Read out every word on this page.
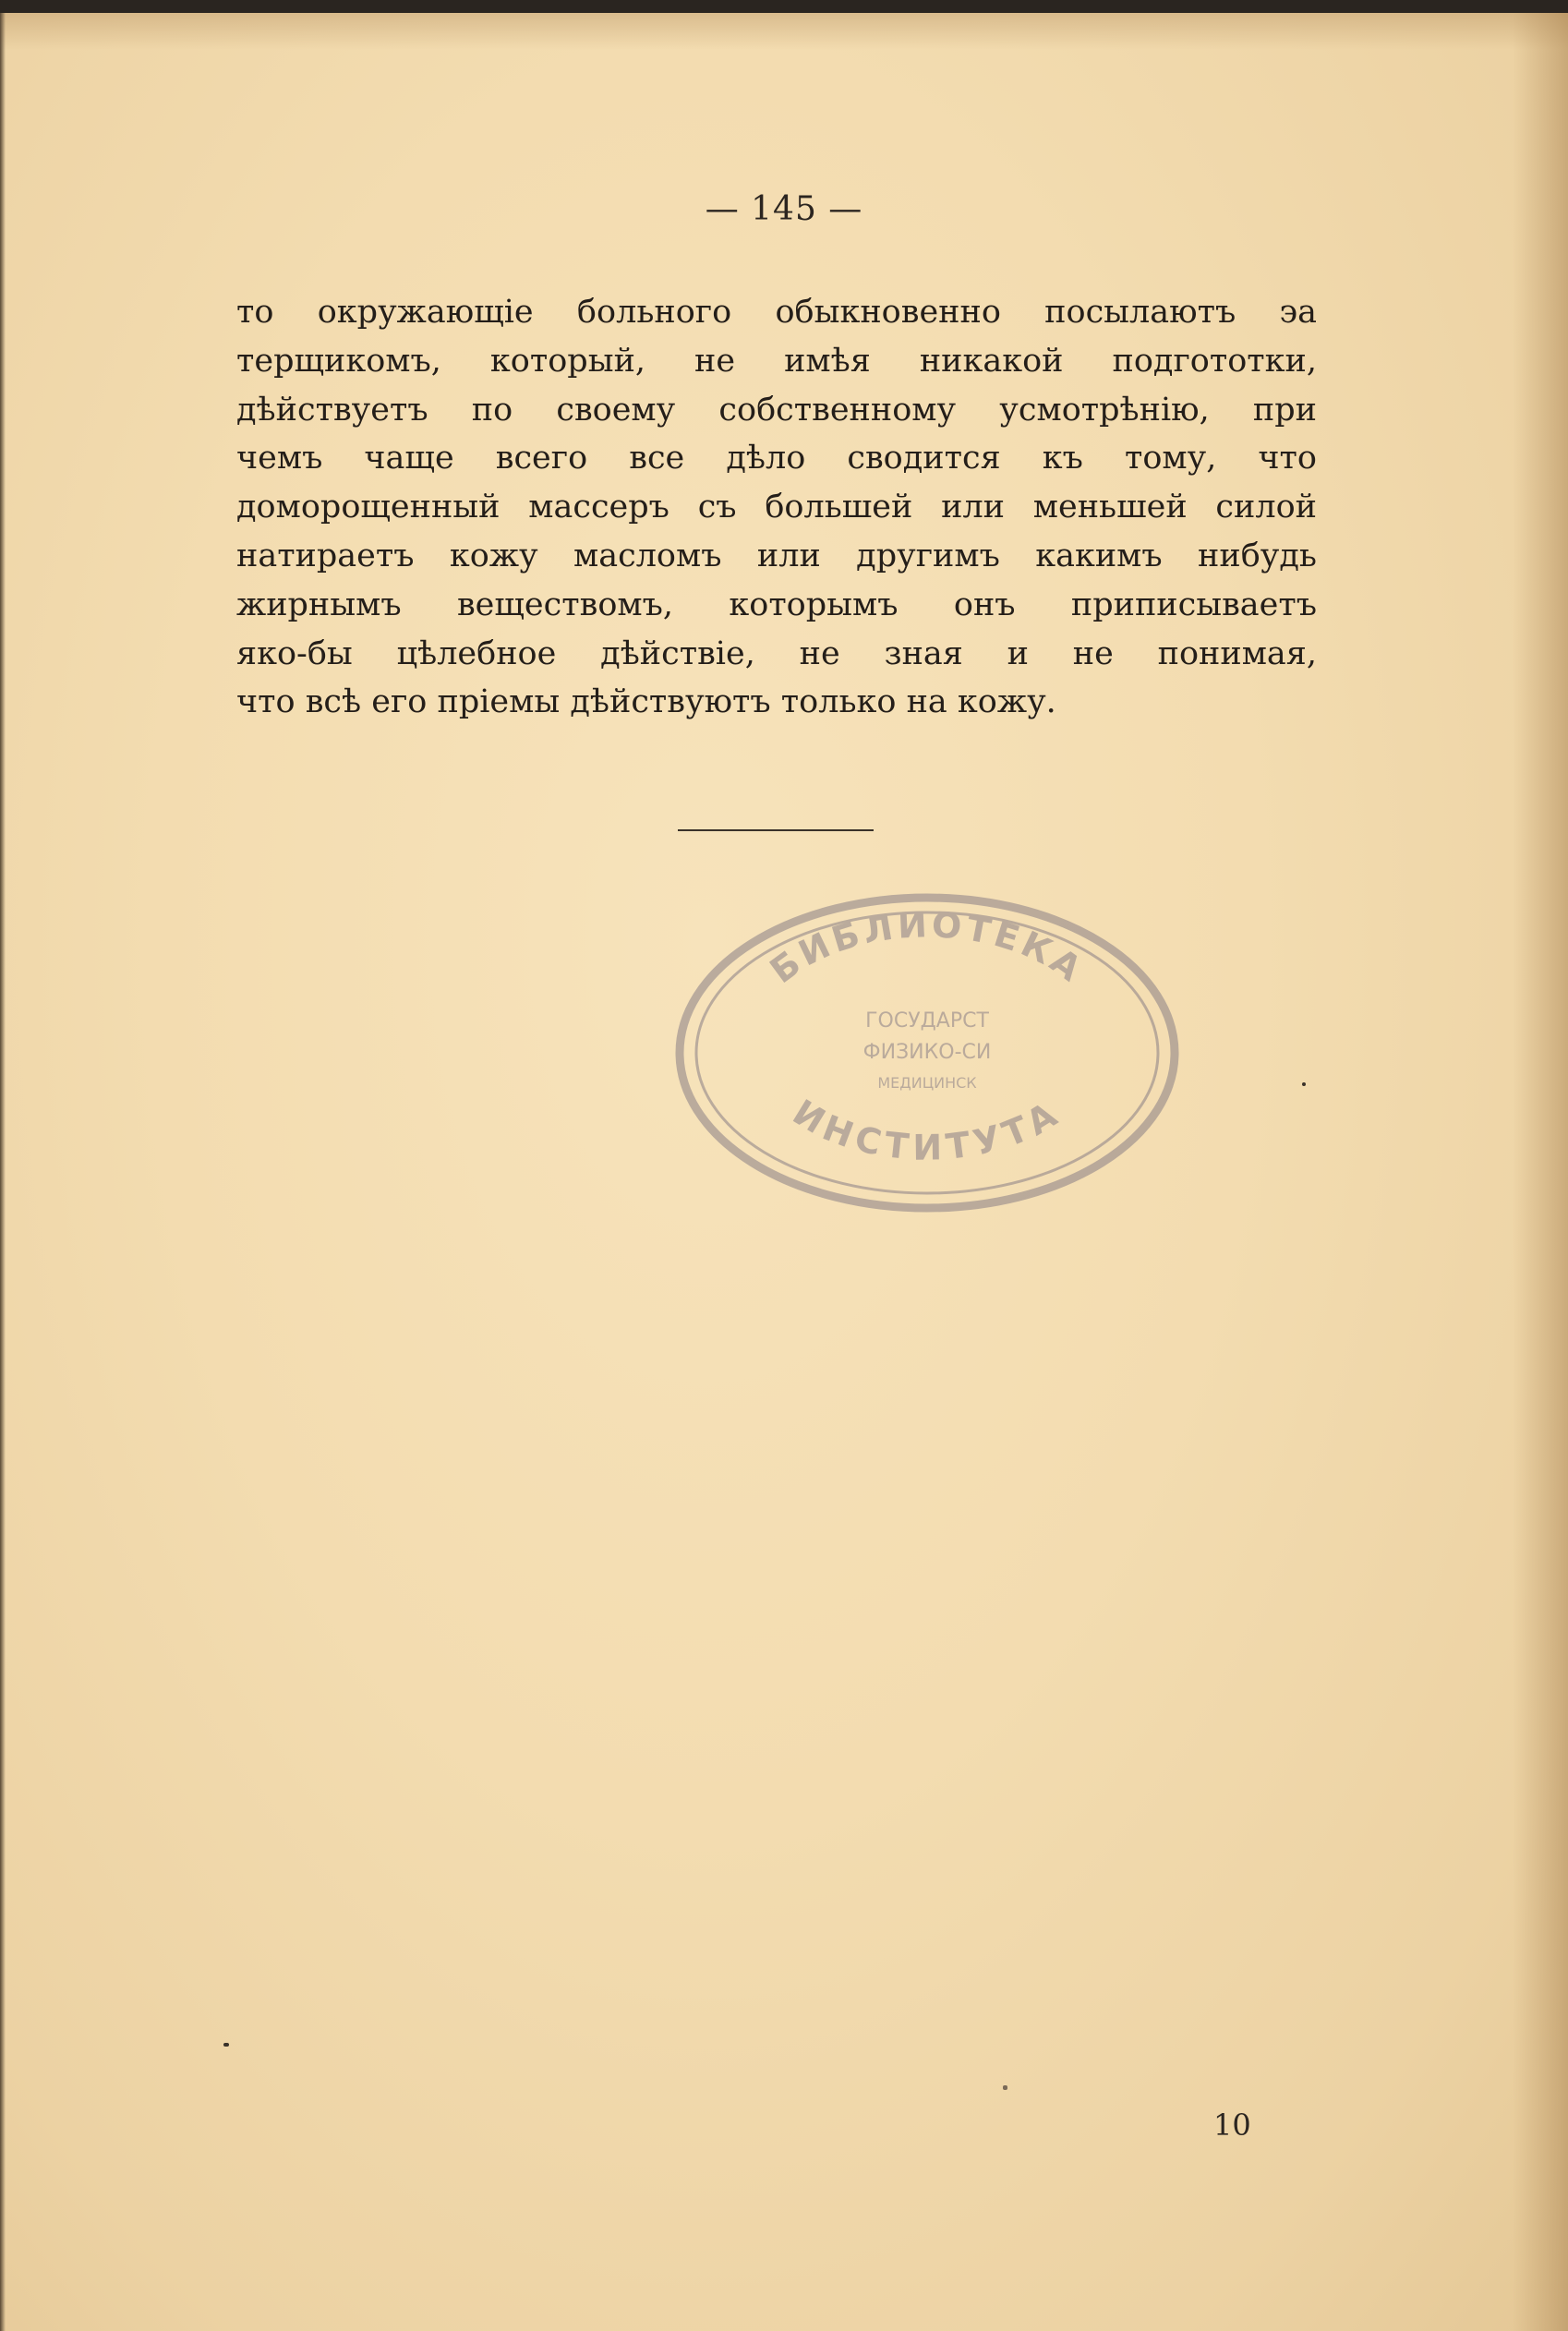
— 145 —
то окружающіе больного обыкновенно посылаютъ эа
терщикомъ, который, не имѣя никакой подгототки,
дѣйствуетъ по своему собственному усмотрѣнію, при
чемъ чаще всего все дѣло сводится къ тому, что
доморощенный массеръ съ большей или меньшей силой
натираетъ кожу масломъ или другимъ какимъ нибудь
жирнымъ веществомъ, которымъ онъ приписываетъ
яко-бы цѣлебное дѣйствіе, не зная и не понимая,
что всѣ его пріемы дѣйствуютъ только на кожу.
БИБЛИОТЕКА
ГОСУДАРСТ
ФИЗИКО-СИ
МЕДИЦИНСК
ИНСТИТУТА
10
